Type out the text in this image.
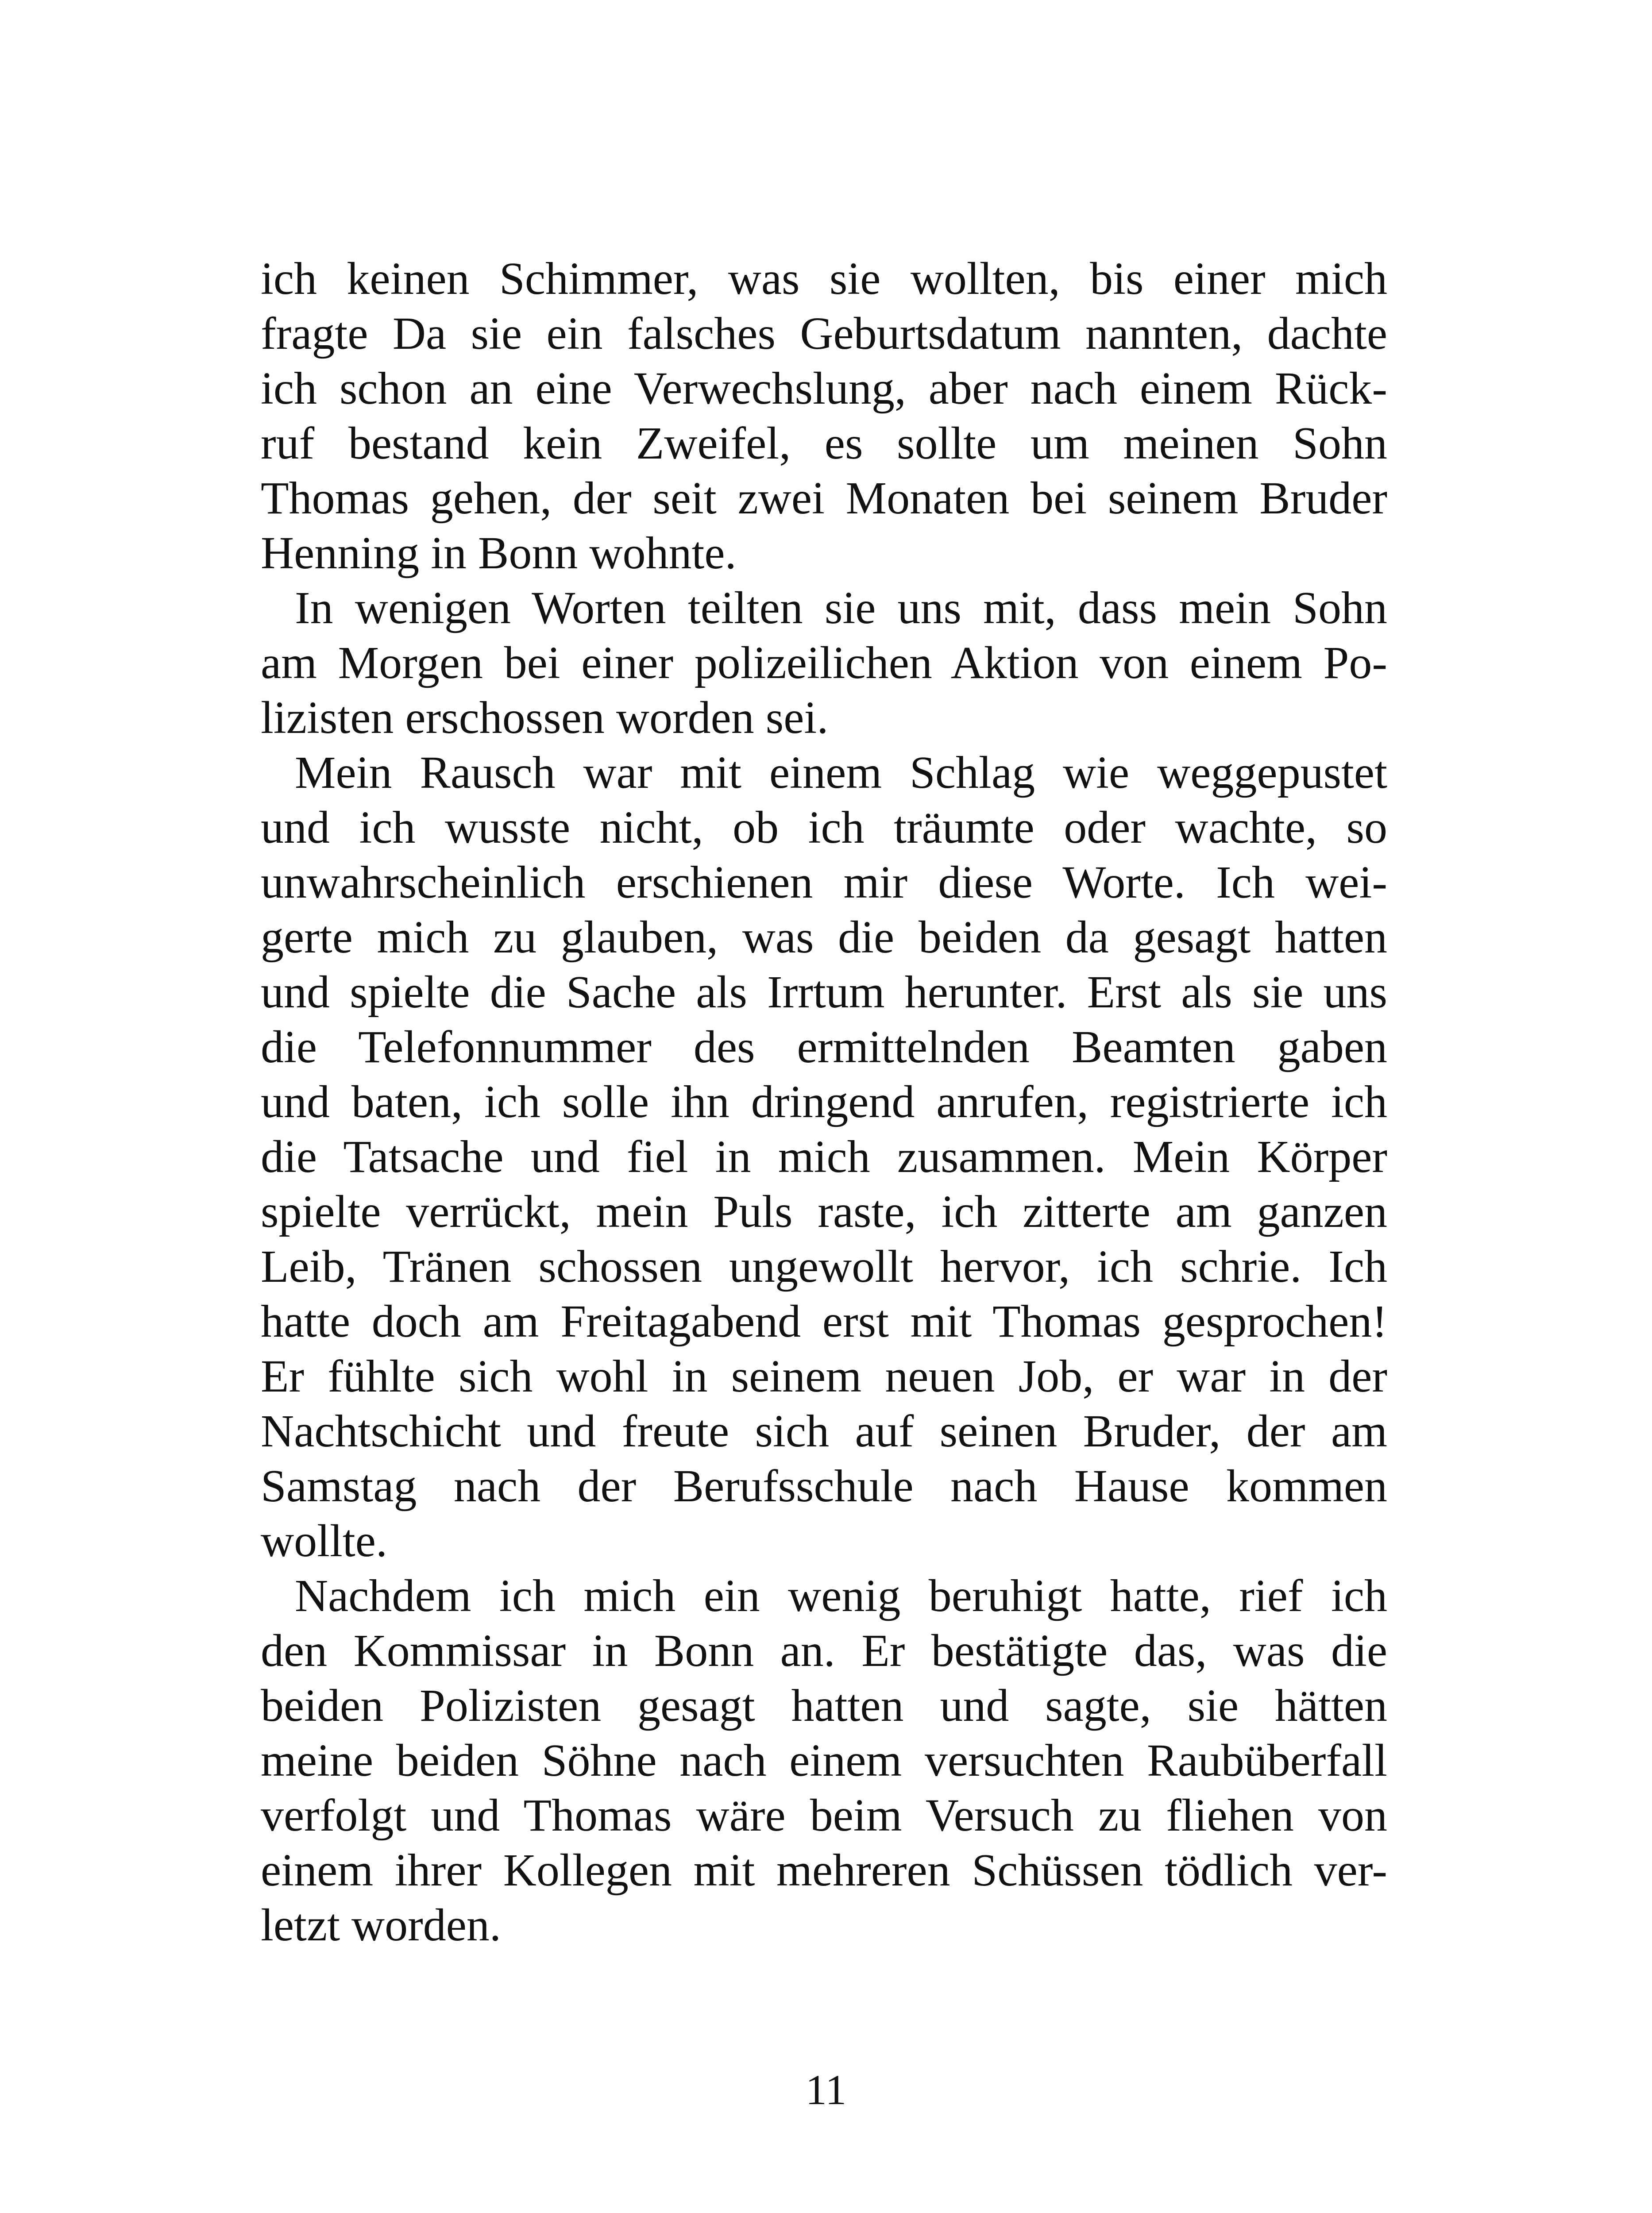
ich keinen Schimmer, was sie wollten, bis einer mich
fragte Da sie ein falsches Geburtsdatum nannten, dachte
ich schon an eine Verwechslung, aber nach einem Rück-
ruf bestand kein Zweifel, es sollte um meinen Sohn
Thomas gehen, der seit zwei Monaten bei seinem Bruder
Henning in Bonn wohnte.
In wenigen Worten teilten sie uns mit, dass mein Sohn
am Morgen bei einer polizeilichen Aktion von einem Po-
lizisten erschossen worden sei.
Mein Rausch war mit einem Schlag wie weggepustet
und ich wusste nicht, ob ich träumte oder wachte, so
unwahrscheinlich erschienen mir diese Worte. Ich wei-
gerte mich zu glauben, was die beiden da gesagt hatten
und spielte die Sache als Irrtum herunter. Erst als sie uns
die Telefonnummer des ermittelnden Beamten gaben
und baten, ich solle ihn dringend anrufen, registrierte ich
die Tatsache und fiel in mich zusammen. Mein Körper
spielte verrückt, mein Puls raste, ich zitterte am ganzen
Leib, Tränen schossen ungewollt hervor, ich schrie. Ich
hatte doch am Freitagabend erst mit Thomas gesprochen!
Er fühlte sich wohl in seinem neuen Job, er war in der
Nachtschicht und freute sich auf seinen Bruder, der am
Samstag nach der Berufsschule nach Hause kommen
wollte.
Nachdem ich mich ein wenig beruhigt hatte, rief ich
den Kommissar in Bonn an. Er bestätigte das, was die
beiden Polizisten gesagt hatten und sagte, sie hätten
meine beiden Söhne nach einem versuchten Raubüberfall
verfolgt und Thomas wäre beim Versuch zu fliehen von
einem ihrer Kollegen mit mehreren Schüssen tödlich ver-
letzt worden.
11
